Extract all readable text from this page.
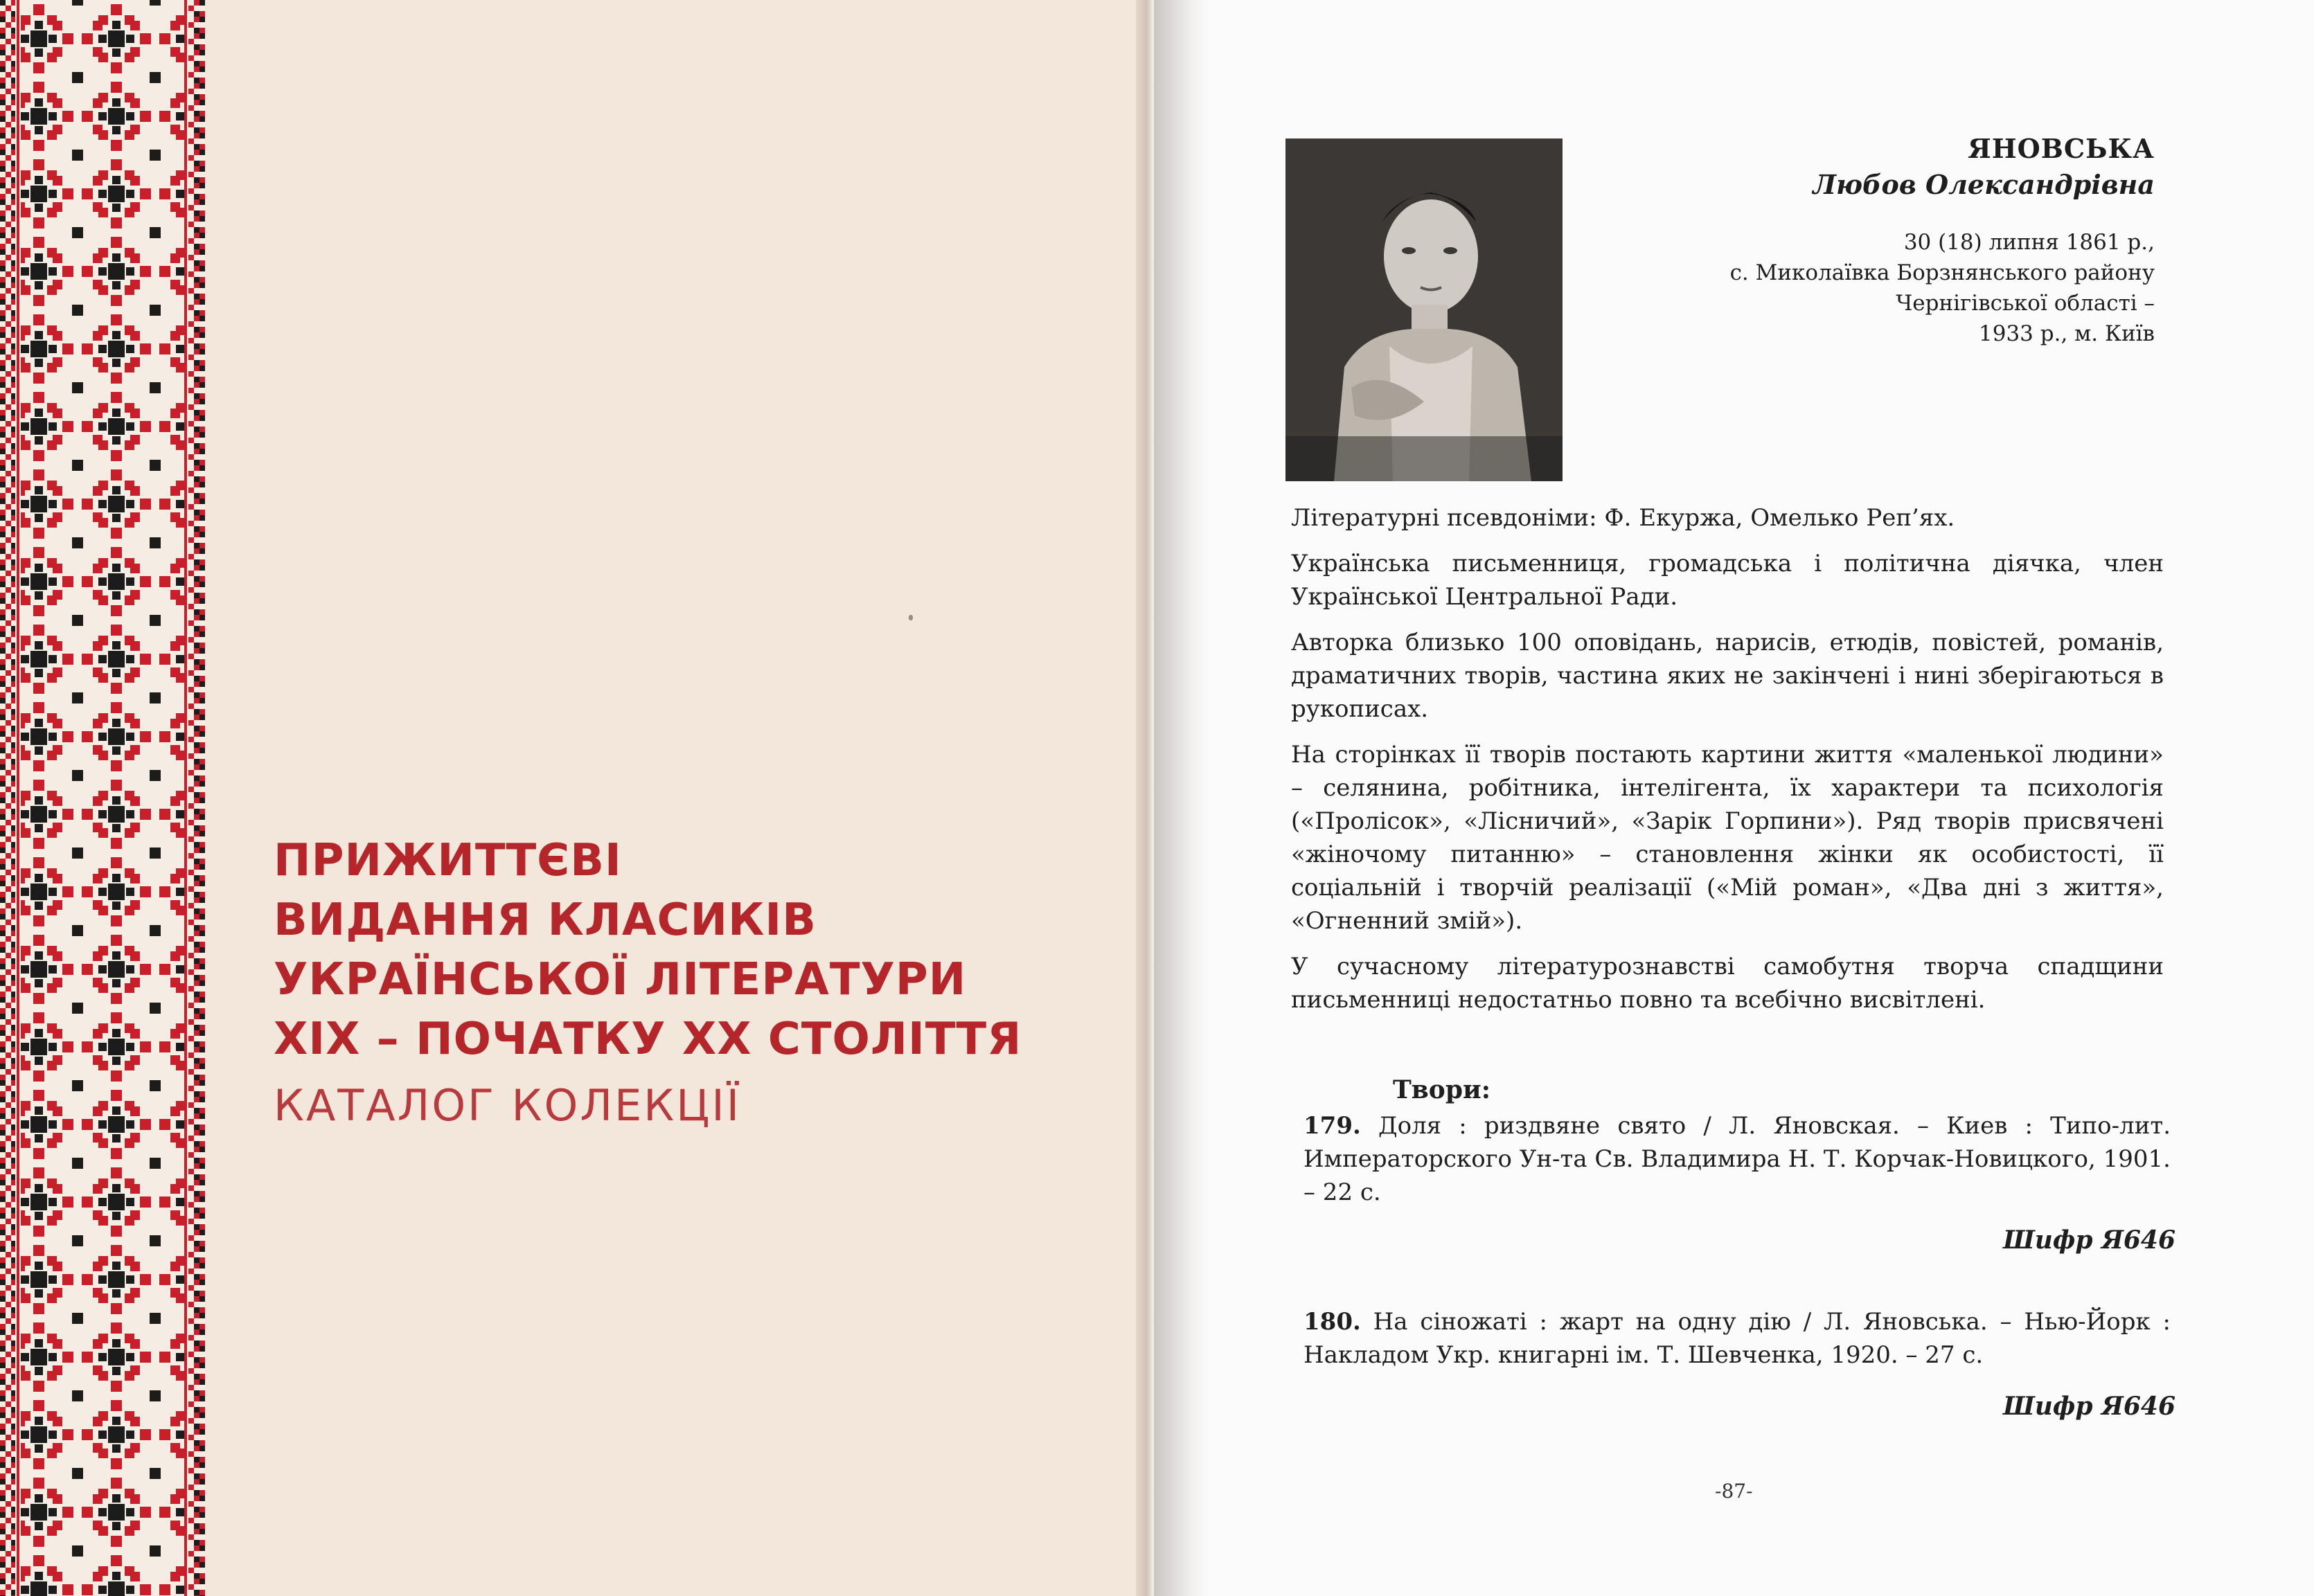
ПРИЖИТТЄВІ
ВИДАННЯ КЛАСИКІВ
УКРАЇНСЬКОЇ ЛІТЕРАТУРИ
XIX – ПОЧАТКУ XX СТОЛІТТЯ
КАТАЛОГ КОЛЕКЦІЇ
ЯНОВСЬКА
Любов Олександрівна
30 (18) липня 1861 р.,
с. Миколаївка Борзнянського району
Чернігівської області –
1933 р., м. Київ

Літературні псевдоніми: Ф. Екуржа, Омелько Реп’ях.

Українська письменниця, громадська і політична діячка, член Української Центральної Ради.

Авторка близько 100 оповідань, нарисів, етюдів, повістей, романів, драматичних творів, частина яких не закінчені і нині зберігаються в рукописах.

На сторінках її творів постають картини життя «маленької людини» – селянина, робітника, інтелігента, їх характери та психологія («Пролісок», «Лісничий», «Зарік Горпини»). Ряд творів присвячені «жіночому питанню» – становлення жінки як особистості, її соціальній і творчій реалізації («Мій роман», «Два дні з життя», «Огненний змій»).

У сучасному літературознавстві самобутня творча спадщини письменниці недостатньо повно та всебічно висвітлені.

Твори:
179. Доля : риздвяне свято / Л. Яновская. – Киев : Типо-лит. Императорского Ун-та Св. Владимира Н. Т. Корчак-Новицкого, 1901. – 22 с.
Шифр Я646
180. На сіножаті : жарт на одну дію / Л. Яновська. – Нью-Йорк : Накладом Укр. книгарні ім. Т. Шевченка, 1920. – 27 с.
Шифр Я646
-87-
